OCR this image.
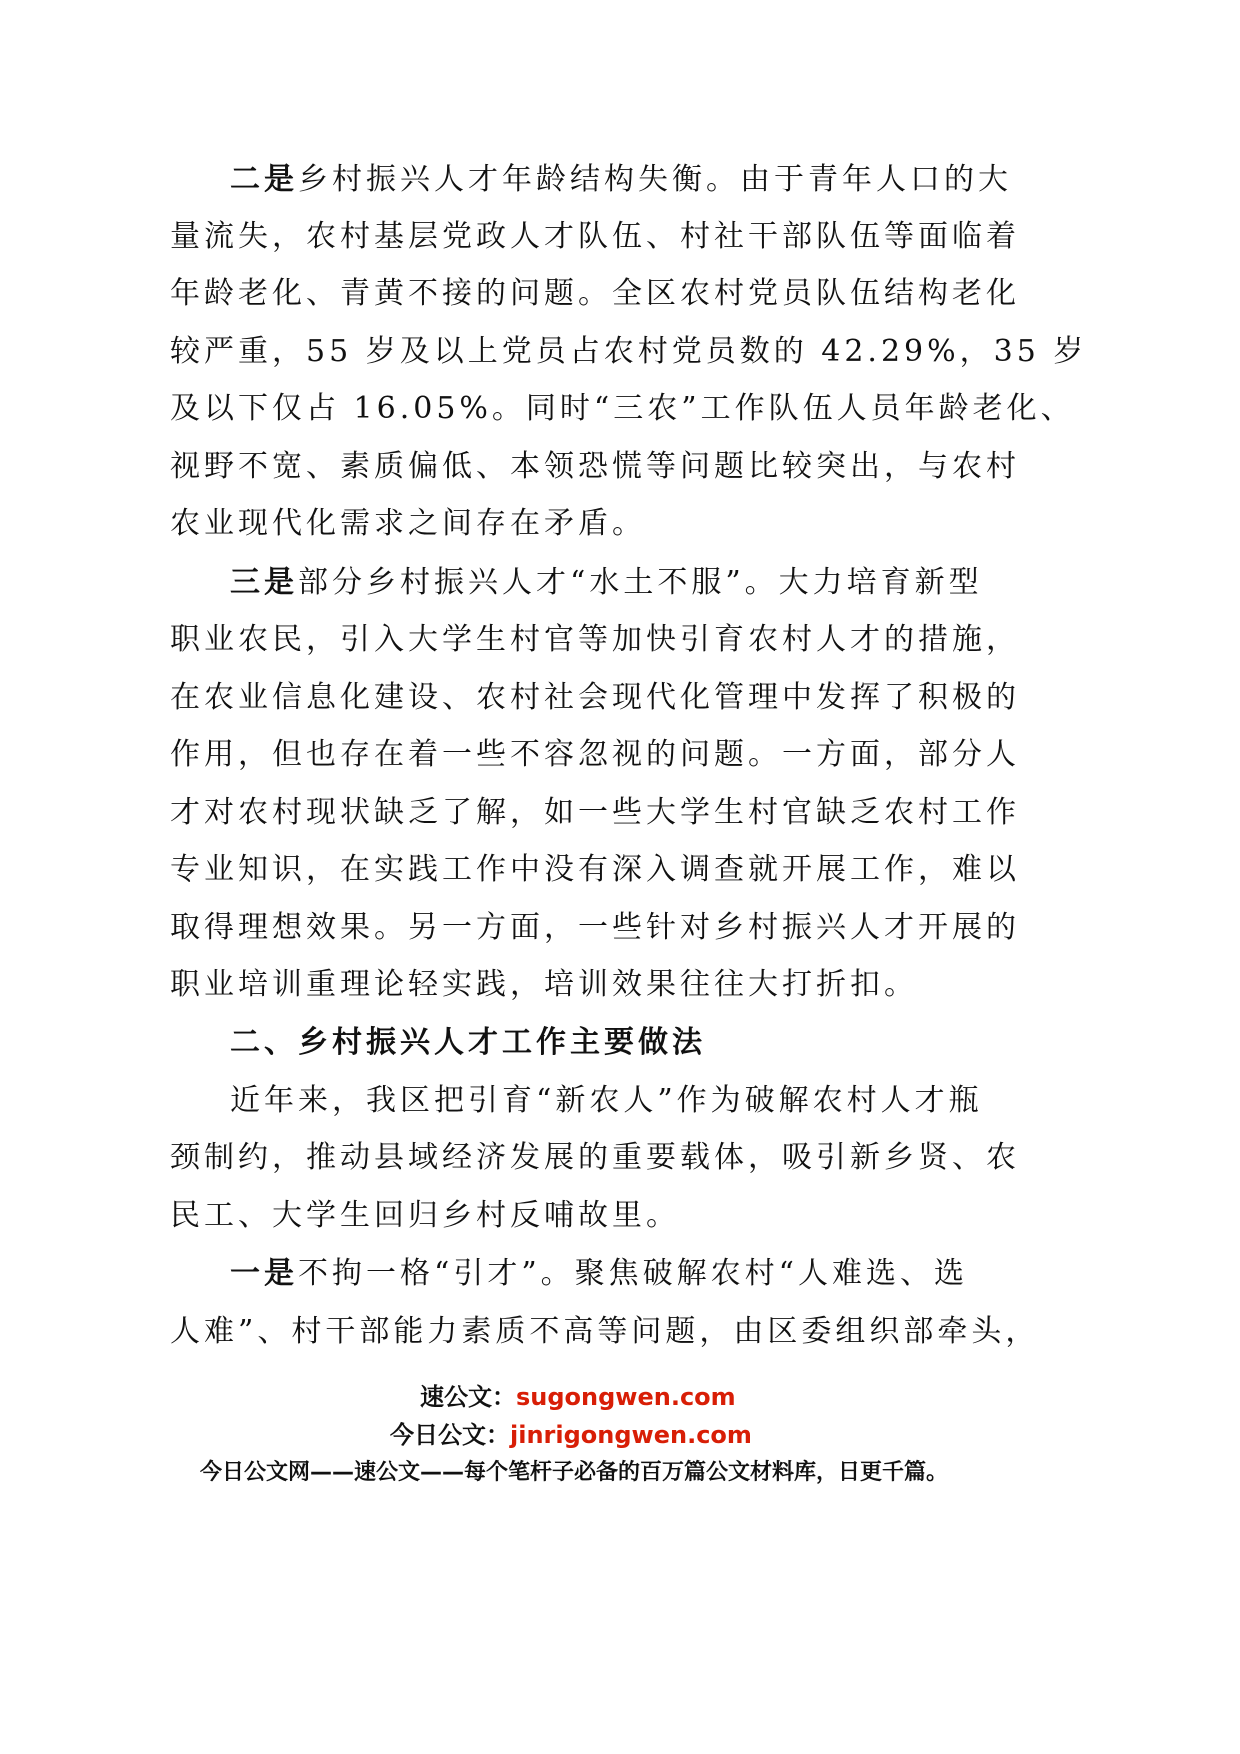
二是乡村振兴人才年龄结构失衡。由于青年人口的大
量流失，农村基层党政人才队伍、村社干部队伍等面临着
年龄老化、青黄不接的问题。全区农村党员队伍结构老化
较严重，55 岁及以上党员占农村党员数的 42.29%，35 岁
及以下仅占 16.05%。同时“三农”工作队伍人员年龄老化、
视野不宽、素质偏低、本领恐慌等问题比较突出，与农村
农业现代化需求之间存在矛盾。
三是部分乡村振兴人才“水土不服”。大力培育新型
职业农民，引入大学生村官等加快引育农村人才的措施，
在农业信息化建设、农村社会现代化管理中发挥了积极的
作用，但也存在着一些不容忽视的问题。一方面，部分人
才对农村现状缺乏了解，如一些大学生村官缺乏农村工作
专业知识，在实践工作中没有深入调查就开展工作，难以
取得理想效果。另一方面，一些针对乡村振兴人才开展的
职业培训重理论轻实践，培训效果往往大打折扣。
二、乡村振兴人才工作主要做法
近年来，我区把引育“新农人”作为破解农村人才瓶
颈制约，推动县域经济发展的重要载体，吸引新乡贤、农
民工、大学生回归乡村反哺故里。
一是不拘一格“引才”。聚焦破解农村“人难选、选
人难”、村干部能力素质不高等问题，由区委组织部牵头，
速公文：sugongwen.com
今日公文：jinrigongwen.com
今日公文网——速公文——每个笔杆子必备的百万篇公文材料库，日更千篇。
